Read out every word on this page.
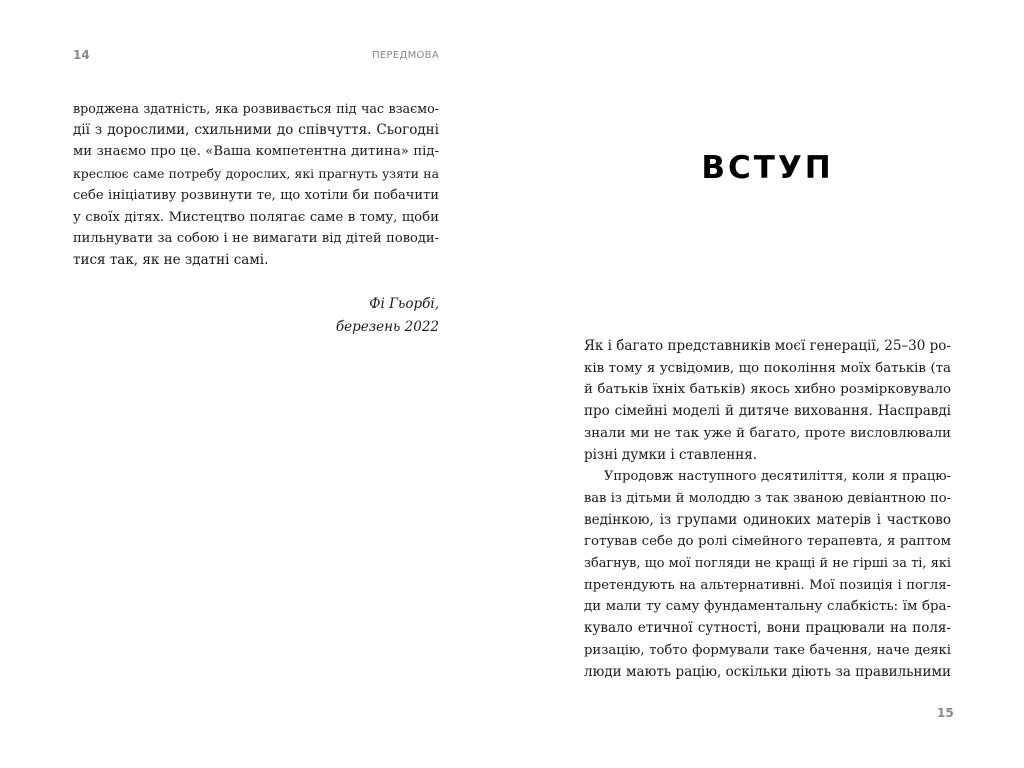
14	ПЕРЕДМОВА
вроджена здатність, яка розвивається під час взаємо-
дії з дорослими, схильними до співчуття. Сьогодні
ми знаємо про це. «Ваша компетентна дитина» під-
креслює саме потребу дорослих, які прагнуть узяти на
себе ініціативу розвинути те, що хотіли би побачити
у своїх дітях. Мистецтво полягає саме в тому, щоби
пильнувати за собою і не вимагати від дітей поводи-
тися так, як не здатні самі.
Фі Гьорбі,
березень 2022
ВСТУП
Як і багато представників моєї генерації, 25–30 ро-
ків тому я усвідомив, що покоління моїх батьків (та
й батьків їхніх батьків) якось хибно розмірковувало
про сімейні моделі й дитяче виховання. Насправді
знали ми не так уже й багато, проте висловлювали
різні думки і ставлення.
Упродовж наступного десятиліття, коли я працю-
вав із дітьми й молоддю з так званою девіантною по-
ведінкою, із групами одиноких матерів і частково
готував себе до ролі сімейного терапевта, я раптом
збагнув, що мої погляди не кращі й не гірші за ті, які
претендують на альтернативні. Мої позиція і погля-
ди мали ту саму фундаментальну слабкість: їм бра-
кувало етичної сутності, вони працювали на поля-
ризацію, тобто формували таке бачення, наче деякі
люди мають рацію, оскільки діють за правильними
15
